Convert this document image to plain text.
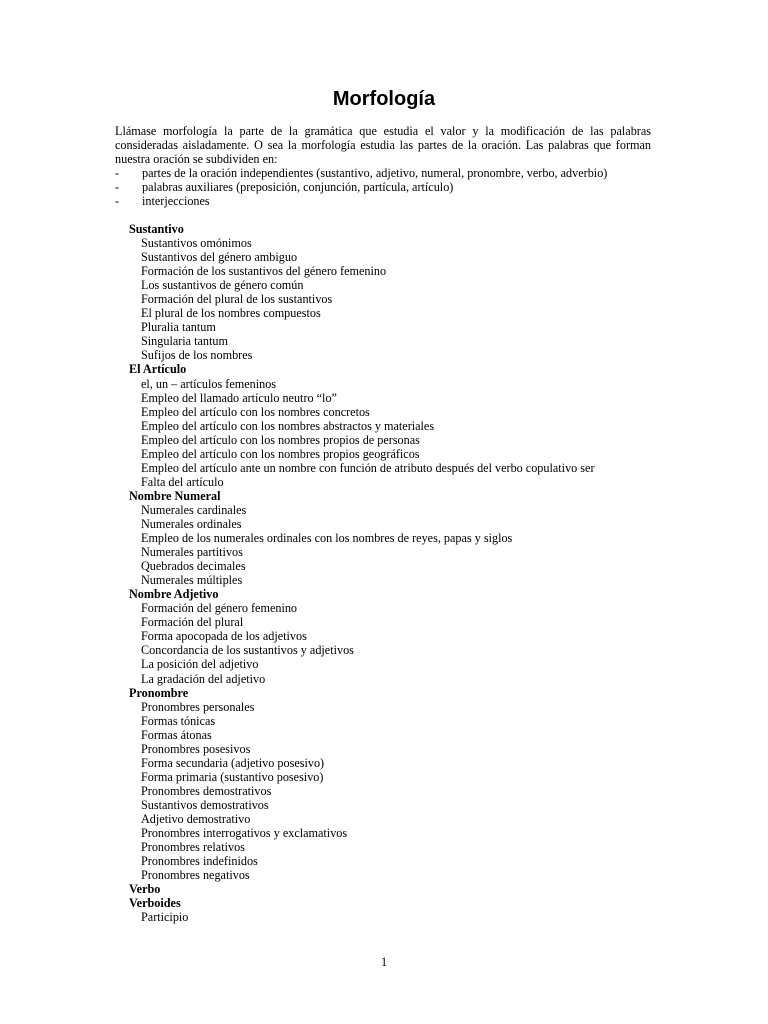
Morfología

Llámase morfología la parte de la gramática que estudia el valor y la modificación de las palabras consideradas aisladamente. O sea la morfología estudia las partes de la oración. Las palabras que forman nuestra oración se subdividen en:

- partes de la oración independientes (sustantivo, adjetivo, numeral, pronombre, verbo, adverbio)
- palabras auxiliares (preposición, conjunción, partícula, artículo)
- interjecciones
Sustantivo
Sustantivos omónimos
Sustantivos del género ambiguo
Formación de los sustantivos del género femenino
Los sustantivos de género común
Formación del plural de los sustantivos
El plural de los nombres compuestos
Pluralia tantum
Singularia tantum
Sufijos de los nombres
El Artículo
el, un – artículos femeninos
Empleo del llamado artículo neutro “lo”
Empleo del artículo con los nombres concretos
Empleo del artículo con los nombres abstractos y materiales
Empleo del artículo con los nombres propios de personas
Empleo del artículo con los nombres propios geográficos
Empleo del artículo ante un nombre con función de atributo después del verbo copulativo ser
Falta del artículo
Nombre Numeral
Numerales cardinales
Numerales ordinales
Empleo de los numerales ordinales con los nombres de reyes, papas y siglos
Numerales partitivos
Quebrados decimales
Numerales múltiples
Nombre Adjetivo
Formación del género femenino
Formación del plural
Forma apocopada de los adjetivos
Concordancia de los sustantivos y adjetivos
La posición del adjetivo
La gradación del adjetivo
Pronombre
Pronombres personales
Formas tónicas
Formas átonas
Pronombres posesivos
Forma secundaria (adjetivo posesivo)
Forma primaria (sustantivo posesivo)
Pronombres demostrativos
Sustantivos demostrativos
Adjetivo demostrativo
Pronombres interrogativos y exclamativos
Pronombres relativos
Pronombres indefinidos
Pronombres negativos
Verbo
Verboides
Participio
1
